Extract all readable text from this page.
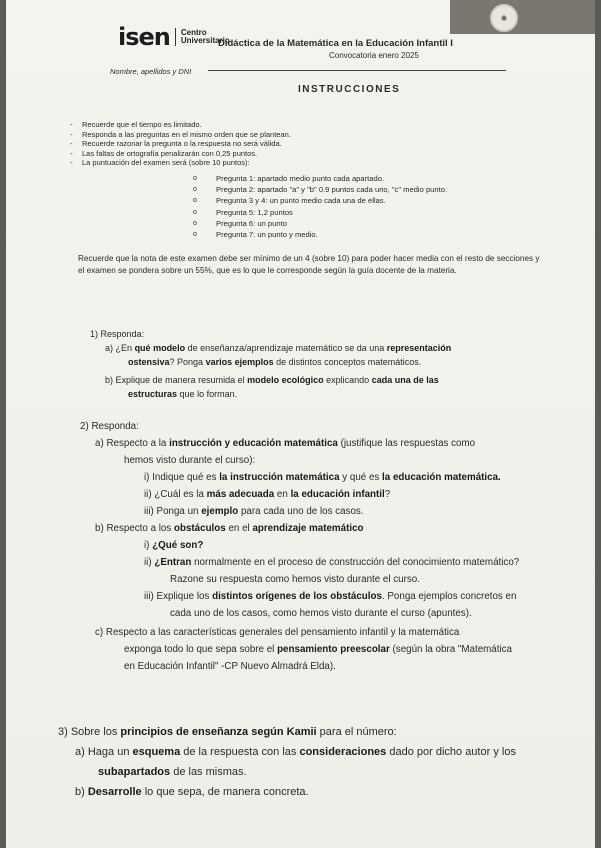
✺
isen Centro
Universitario
Didáctica de la Matemática en la Educación Infantil I
Convocatoria enero 2025
Nombre, apellidos y DNI
INSTRUCCIONES
- Recuerde que el tiempo es limitado.
- Responda a las preguntas en el mismo orden que se plantean.
- Recuerde razonar la pregunta o la respuesta no será válida.
- Las faltas de ortografía penalizarán con 0,25 puntos.
- La puntuación del examen será (sobre 10 puntos):
o Pregunta 1: apartado medio punto cada apartado.
o Pregunta 2: apartado "a" y "b" 0.9 puntos cada uno, "c" medio punto.
o Pregunta 3 y 4: un punto medio cada una de ellas.
o Pregunta 5: 1,2 puntos
o Pregunta 6: un punto
o Pregunta 7: un punto y medio.
Recuerde que la nota de este examen debe ser mínimo de un 4 (sobre 10) para poder hacer media con el resto de secciones y el examen se pondera sobre un 55%, que es lo que le corresponde según la guía docente de la materia.
1) Responda:
a) ¿En qué modelo de enseñanza/aprendizaje matemático se da una representación
ostensiva? Ponga varios ejemplos de distintos conceptos matemáticos.
b) Explique de manera resumida el modelo ecológico explicando cada una de las
estructuras que lo forman.
2) Responda:
a) Respecto a la instrucción y educación matemática (justifique las respuestas como
hemos visto durante el curso):
i) Indique qué es la instrucción matemática y qué es la educación matemática.
ii) ¿Cuál es la más adecuada en la educación infantil?
iii) Ponga un ejemplo para cada uno de los casos.
b) Respecto a los obstáculos en el aprendizaje matemático
i) ¿Qué son?
ii) ¿Entran normalmente en el proceso de construcción del conocimiento matemático?
Razone su respuesta como hemos visto durante el curso.
iii) Explique los distintos orígenes de los obstáculos. Ponga ejemplos concretos en
cada uno de los casos, como hemos visto durante el curso (apuntes).
c) Respecto a las características generales del pensamiento infantil y la matemática
exponga todo lo que sepa sobre el pensamiento preescolar (según la obra "Matemática
en Educación Infantil" -CP Nuevo Almadrá Elda).
3) Sobre los principios de enseñanza según Kamii para el número:
a) Haga un esquema de la respuesta con las consideraciones dado por dicho autor y los
subapartados de las mismas.
b) Desarrolle lo que sepa, de manera concreta.
